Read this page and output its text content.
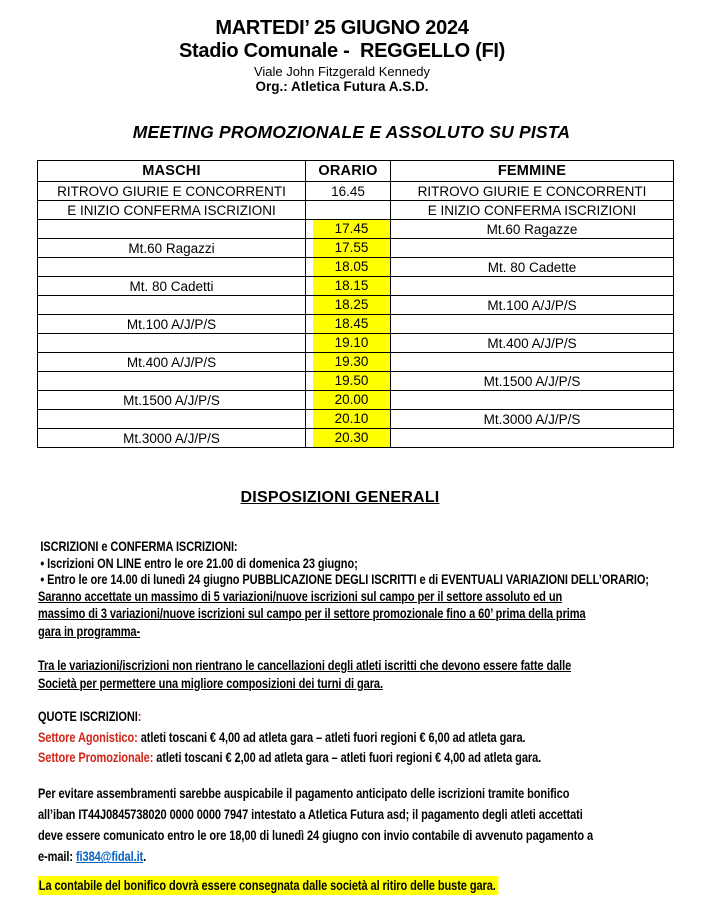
MARTEDI’ 25 GIUGNO 2024
Stadio Comunale -  REGGELLO (FI)
Viale John Fitzgerald Kennedy
Org.: Atletica Futura A.S.D.
MEETING PROMOZIONALE E ASSOLUTO SU PISTA
MASCHI	ORARIO	FEMMINE
RITROVO GIURIE E CONCORRENTI	16.45	RITROVO GIURIE E CONCORRENTI
E INIZIO CONFERMA ISCRIZIONI		E INIZIO CONFERMA ISCRIZIONI

	17.45	Mt.60 Ragazze
Mt.60 Ragazzi	17.55	

	18.05	Mt. 80 Cadette
Mt. 80 Cadetti	18.15	

	18.25	Mt.100 A/J/P/S
Mt.100 A/J/P/S	18.45	

	19.10	Mt.400 A/J/P/S
Mt.400 A/J/P/S	19.30	

	19.50	Mt.1500 A/J/P/S
Mt.1500 A/J/P/S	20.00	

	20.10	Mt.3000 A/J/P/S
Mt.3000 A/J/P/S	20.30	

DISPOSIZIONI GENERALI
ISCRIZIONI e CONFERMA ISCRIZIONI:
• Iscrizioni ON LINE entro le ore 21.00 di domenica 23 giugno;
• Entro le ore 14.00 di lunedì 24 giugno PUBBLICAZIONE DEGLI ISCRITTI e di EVENTUALI VARIAZIONI DELL’ORARIO;
Saranno accettate un massimo di 5 variazioni/nuove iscrizioni sul campo per il settore assoluto ed un
massimo di 3 variazioni/nuove iscrizioni sul campo per il settore promozionale fino a 60’ prima della prima
gara in programma-
Tra le variazioni/iscrizioni non rientrano le cancellazioni degli atleti iscritti che devono essere fatte dalle
Società per permettere una migliore composizioni dei turni di gara.
QUOTE ISCRIZIONI:
Settore Agonistico: atleti toscani € 4,00 ad atleta gara – atleti fuori regioni € 6,00 ad atleta gara.
Settore Promozionale: atleti toscani € 2,00 ad atleta gara – atleti fuori regioni € 4,00 ad atleta gara.
Per evitare assembramenti sarebbe auspicabile il pagamento anticipato delle iscrizioni tramite bonifico
all’iban IT44J0845738020 0000 0000 7947 intestato a Atletica Futura asd; il pagamento degli atleti accettati
deve essere comunicato entro le ore 18,00 di lunedì 24 giugno con invio contabile di avvenuto pagamento a
e-mail: fi384@fidal.it.
La contabile del bonifico dovrà essere consegnata dalle società al ritiro delle buste gara.
